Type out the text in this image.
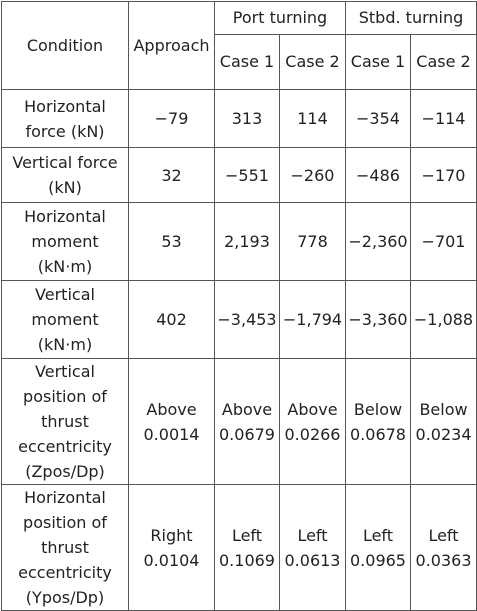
Condition	Approach	Port turning		Stbd. turning	
		Case 1	Case 2	Case 1	Case 2
Horizontal force (kN)	−79	313	114	−354	−114
Vertical force (kN)	32	−551	−260	−486	−170
Horizontal moment (kN·m)	53	2,193	778	−2,360	−701
Vertical moment (kN·m)	402	−3,453	−1,794	−3,360	−1,088
Vertical position of thrust eccentricity (Zpos/Dp)	Above 0.0014	Above 0.0679	Above 0.0266	Below 0.0678	Below 0.0234
Horizontal position of thrust eccentricity (Ypos/Dp)	Right 0.0104	Left 0.1069	Left 0.0613	Left 0.0965	Left 0.0363
